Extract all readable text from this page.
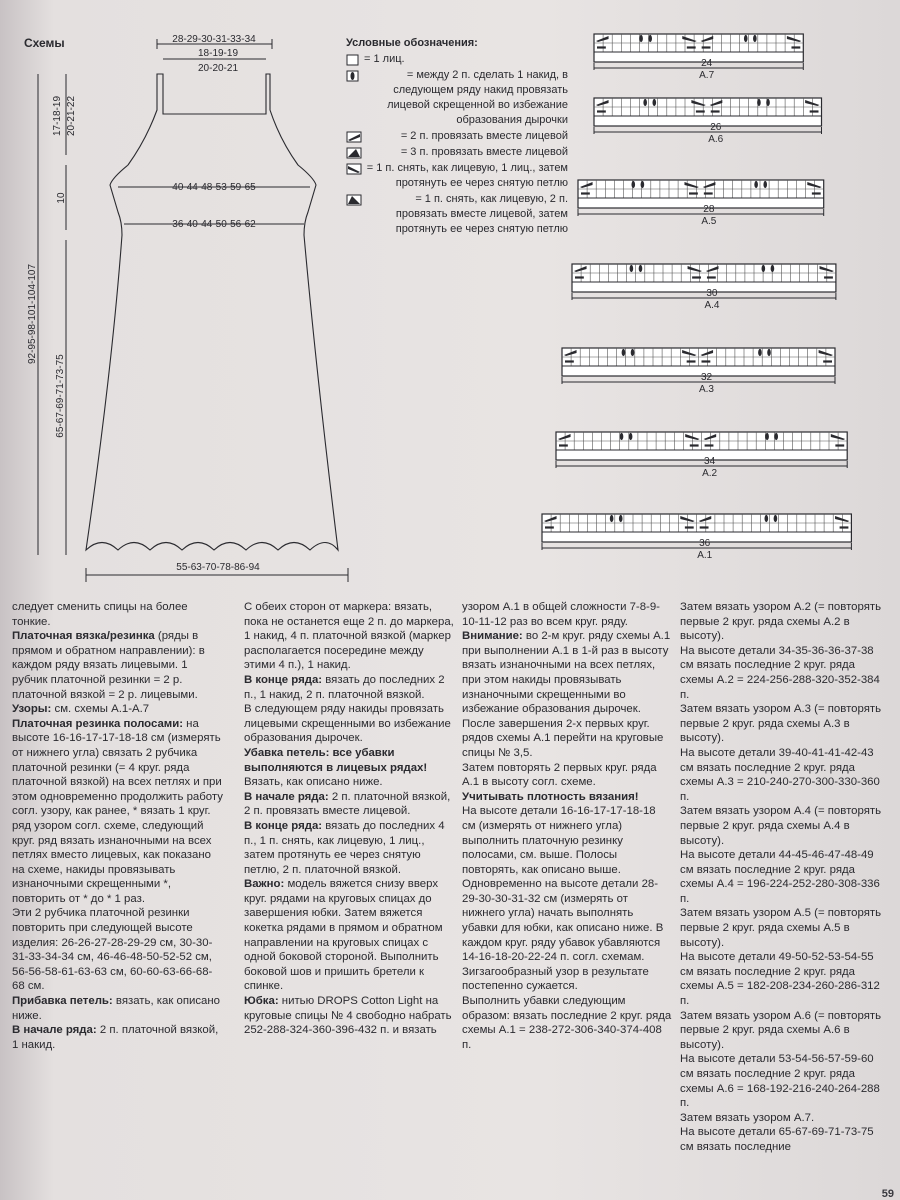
Схемы	28-29-30-31-33-34
18-19-19
20-20-21
40-44-48-53-59-65
36-40-44-50-56-62
17-18-19 20-21-22
10
92-95-98-101-104-107
65-67-69-71-73-75
55-63-70-78-86-94
Условные обозначения:
= 1 лиц.
= между 2 п. сделать 1 накид, в следующем ряду накид провязать лицевой скрещенной во избежание образования дырочки
= 2 п. провязать вместе лицевой
= 3 п. провязать вместе лицевой
= 1 п. снять, как лицевую, 1 лиц., затем протянуть ее через снятую петлю
= 1 п. снять, как лицевую, 2 п. провязать вместе лицевой, затем протянуть ее через снятую петлю
24
A.7
26
A.6
28
A.5
30
A.4
32
A.3
34
A.2
36
A.1

следует сменить спицы на более тонкие.

Платочная вязка/резинка (ряды в прямом и обратном направлении): в каждом ряду вязать лицевыми. 1 рубчик платочной резинки = 2 р. платочной вязкой = 2 р. лицевыми.

Узоры: см. схемы А.1-А.7

Платочная резинка полосами: на высоте 16-16-17-17-18-18 см (измерять от нижнего угла) связать 2 рубчика платочной резинки (= 4 круг. ряда платочной вязкой) на всех петлях и при этом одновременно продолжить работу согл. узору, как ранее, * вязать 1 круг. ряд узором согл. схеме, следующий круг. ряд вязать изнаночными на всех петлях вместо лицевых, как показано на схеме, накиды провязывать изнаночными скрещенными *, повторить от * до * 1 раз.

Эти 2 рубчика платочной резинки повторить при следующей высоте изделия: 26-26-27-28-29-29 см, 30-30-31-33-34-34 см, 46-46-48-50-52-52 см, 56-56-58-61-63-63 см, 60-60-63-66-68-68 см.

Прибавка петель: вязать, как описано ниже.

В начале ряда: 2 п. платочной вязкой, 1 накид.

С обеих сторон от маркера: вязать, пока не останется еще 2 п. до маркера, 1 накид, 4 п. платочной вязкой (маркер располагается посередине между этими 4 п.), 1 накид.

В конце ряда: вязать до последних 2 п., 1 накид, 2 п. платочной вязкой.

В следующем ряду накиды провязать лицевыми скрещенными во избежание образования дырочек.

Убавка петель: все убавки выполняются в лицевых рядах! Вязать, как описано ниже.

В начале ряда: 2 п. платочной вязкой, 2 п. провязать вместе лицевой.

В конце ряда: вязать до последних 4 п., 1 п. снять, как лицевую, 1 лиц., затем протянуть ее через снятую петлю, 2 п. платочной вязкой.

Важно: модель вяжется снизу вверх круг. рядами на круговых спицах до завершения юбки. Затем вяжется кокетка рядами в прямом и обратном направлении на круговых спицах с одной боковой стороной. Выполнить боковой шов и пришить бретели к спинке.

Юбка: нитью DROPS Cotton Light на круговые спицы № 4 свободно набрать 252-288-324-360-396-432 п. и вязать

узором А.1 в общей сложности 7-8-9-10-11-12 раз во всем круг. ряду. Внимание: во 2-м круг. ряду схемы А.1 при выполнении А.1 в 1-й раз в высоту вязать изнаночными на всех петлях, при этом накиды провязывать изнаночными скрещенными во избежание образования дырочек.

После завершения 2-х первых круг. рядов схемы А.1 перейти на круговые спицы № 3,5.

Затем повторять 2 первых круг. ряда А.1 в высоту согл. схеме.

Учитывать плотность вязания!

На высоте детали 16-16-17-17-18-18 см (измерять от нижнего угла) выполнить платочную резинку полосами, см. выше. Полосы повторять, как описано выше.

Одновременно на высоте детали 28-29-30-30-31-32 см (измерять от нижнего угла) начать выполнять убавки для юбки, как описано ниже. В каждом круг. ряду убавок убавляются 14-16-18-20-22-24 п. согл. схемам. Зигзагообразный узор в результате постепенно сужается.

Выполнить убавки следующим образом: вязать последние 2 круг. ряда схемы А.1 = 238-272-306-340-374-408 п.

Затем вязать узором А.2 (= повторять первые 2 круг. ряда схемы А.2 в высоту).

На высоте детали 34-35-36-36-37-38 см вязать последние 2 круг. ряда схемы А.2 = 224-256-288-320-352-384 п.

Затем вязать узором А.3 (= повторять первые 2 круг. ряда схемы А.3 в высоту).

На высоте детали 39-40-41-41-42-43 см вязать последние 2 круг. ряда схемы А.3 = 210-240-270-300-330-360 п.

Затем вязать узором А.4 (= повторять первые 2 круг. ряда схемы А.4 в высоту).

На высоте детали 44-45-46-47-48-49 см вязать последние 2 круг. ряда схемы А.4 = 196-224-252-280-308-336 п.

Затем вязать узором А.5 (= повторять первые 2 круг. ряда схемы А.5 в высоту).

На высоте детали 49-50-52-53-54-55 см вязать последние 2 круг. ряда схемы А.5 = 182-208-234-260-286-312 п.

Затем вязать узором А.6 (= повторять первые 2 круг. ряда схемы А.6 в высоту).

На высоте детали 53-54-56-57-59-60 см вязать последние 2 круг. ряда схемы А.6 = 168-192-216-240-264-288 п.

Затем вязать узором А.7.

На высоте детали 65-67-69-71-73-75 см вязать последние

59
